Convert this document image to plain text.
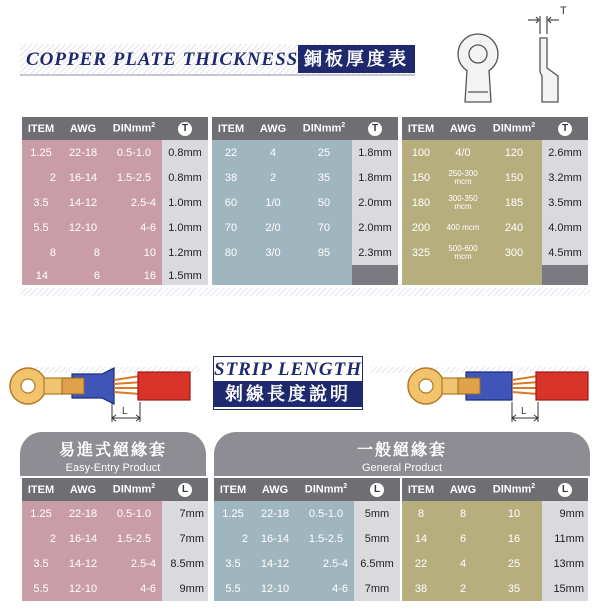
COPPER PLATE THICKNESS 銅板厚度表
T
ITEM	AWG	DINmm$^2$	T
1.25	22-18	0.5-1.0	0.8mm
2	16-14	1.5-2.5	0.8mm
3.5	14-12	2.5-4	1.0mm
5.5	12-10	4-6	1.0mm
8	8	10	1.2mm
14	6	16	1.5mm
ITEM	AWG	DINmm$^2$	T
22	4	25	1.8mm
38	2	35	1.8mm
60	1/0	50	2.0mm
70	2/0	70	2.0mm
80	3/0	95	2.3mm
ITEM	AWG	DINmm$^2$	T
100	4/0	120	2.6mm
150	250-300 mcm	150	3.2mm
180	300-350 mcm	185	3.5mm
200	400 mcm	240	4.0mm
325	500-600 mcm	300	4.5mm
STRIP LENGTH
剝線長度說明
L	L
易進式絕緣套
Easy-Entry Product
一般絕緣套
General Product
ITEM	AWG	DINmm$^2$	L
1.25	22-18	0.5-1.0	7mm
2	16-14	1.5-2.5	7mm
3.5	14-12	2.5-4	8.5mm
5.5	12-10	4-6	9mm
ITEM	AWG	DINmm$^2$	L
1.25	22-18	0.5-1.0	5mm
2	16-14	1.5-2.5	5mm
3.5	14-12	2.5-4	6.5mm
5.5	12-10	4-6	7mm
ITEM	AWG	DINmm$^2$	L
8	8	10	9mm
14	6	16	11mm
22	4	25	13mm
38	2	35	15mm
